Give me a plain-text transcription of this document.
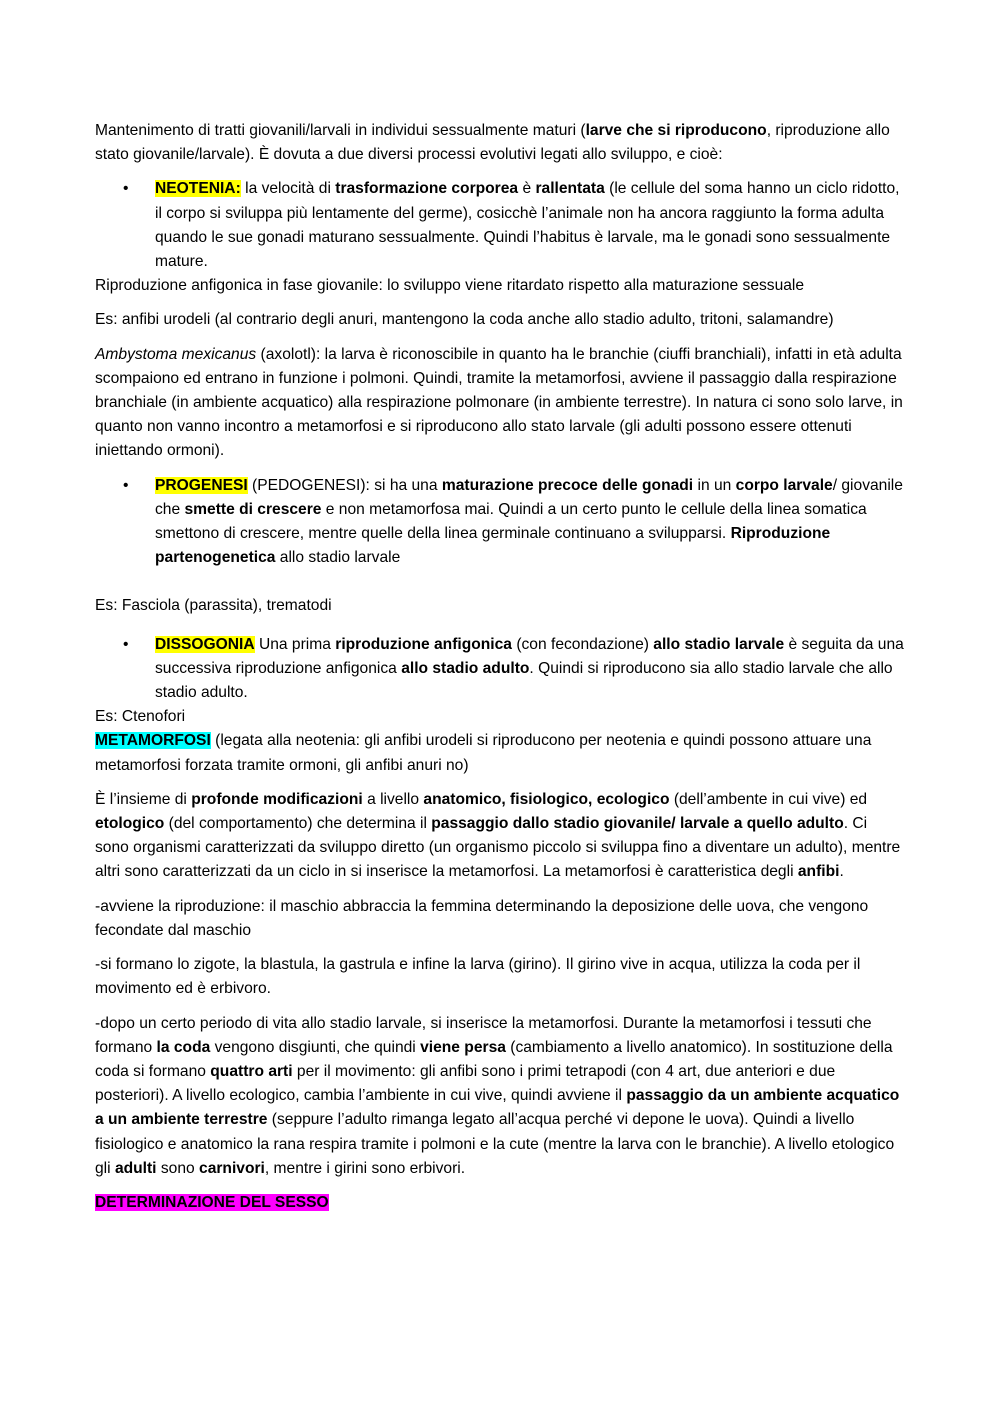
Mantenimento di tratti giovanili/larvali in individui sessualmente maturi (larve che si riproducono, riproduzione allo stato giovanile/larvale). È dovuta a due diversi processi evolutivi legati allo sviluppo, e cioè:

• NEOTENIA: la velocità di trasformazione corporea è rallentata (le cellule del soma hanno un ciclo ridotto, il corpo si sviluppa più lentamente del germe), cosicchè l’animale non ha ancora raggiunto la forma adulta quando le sue gonadi maturano sessualmente. Quindi l’habitus è larvale, ma le gonadi sono sessualmente mature.

Riproduzione anfigonica in fase giovanile: lo sviluppo viene ritardato rispetto alla maturazione sessuale

Es: anfibi urodeli (al contrario degli anuri, mantengono la coda anche allo stadio adulto, tritoni, salamandre)

Ambystoma mexicanus (axolotl): la larva è riconoscibile in quanto ha le branchie (ciuffi branchiali), infatti in età adulta scompaiono ed entrano in funzione i polmoni. Quindi, tramite la metamorfosi, avviene il passaggio dalla respirazione branchiale (in ambiente acquatico) alla respirazione polmonare (in ambiente terrestre). In natura ci sono solo larve, in quanto non vanno incontro a metamorfosi e si riproducono allo stato larvale (gli adulti possono essere ottenuti iniettando ormoni).

• PROGENESI (PEDOGENESI): si ha una maturazione precoce delle gonadi in un corpo larvale/ giovanile che smette di crescere e non metamorfosa mai. Quindi a un certo punto le cellule della linea somatica smettono di crescere, mentre quelle della linea germinale continuano a svilupparsi. Riproduzione partenogenetica allo stadio larvale

Es: Fasciola (parassita), trematodi

• DISSOGONIA Una prima riproduzione anfigonica (con fecondazione) allo stadio larvale è seguita da una successiva riproduzione anfigonica allo stadio adulto. Quindi si riproducono sia allo stadio larvale che allo stadio adulto.

Es: Ctenofori

METAMORFOSI (legata alla neotenia: gli anfibi urodeli si riproducono per neotenia e quindi possono attuare una metamorfosi forzata tramite ormoni, gli anfibi anuri no)

È l’insieme di profonde modificazioni a livello anatomico, fisiologico, ecologico (dell’ambente in cui vive) ed etologico (del comportamento) che determina il passaggio dallo stadio giovanile/ larvale a quello adulto. Ci sono organismi caratterizzati da sviluppo diretto (un organismo piccolo si sviluppa fino a diventare un adulto), mentre altri sono caratterizzati da un ciclo in si inserisce la metamorfosi. La metamorfosi è caratteristica degli anfibi.

-avviene la riproduzione: il maschio abbraccia la femmina determinando la deposizione delle uova, che vengono fecondate dal maschio

-si formano lo zigote, la blastula, la gastrula e infine la larva (girino). Il girino vive in acqua, utilizza la coda per il movimento ed è erbivoro.

-dopo un certo periodo di vita allo stadio larvale, si inserisce la metamorfosi. Durante la metamorfosi i tessuti che formano la coda vengono disgiunti, che quindi viene persa (cambiamento a livello anatomico). In sostituzione della coda si formano quattro arti per il movimento: gli anfibi sono i primi tetrapodi (con 4 art, due anteriori e due posteriori). A livello ecologico, cambia l’ambiente in cui vive, quindi avviene il passaggio da un ambiente acquatico a un ambiente terrestre (seppure l’adulto rimanga legato all’acqua perché vi depone le uova). Quindi a livello fisiologico e anatomico la rana respira tramite i polmoni e la cute (mentre la larva con le branchie). A livello etologico gli adulti sono carnivori, mentre i girini sono erbivori.

DETERMINAZIONE DEL SESSO
